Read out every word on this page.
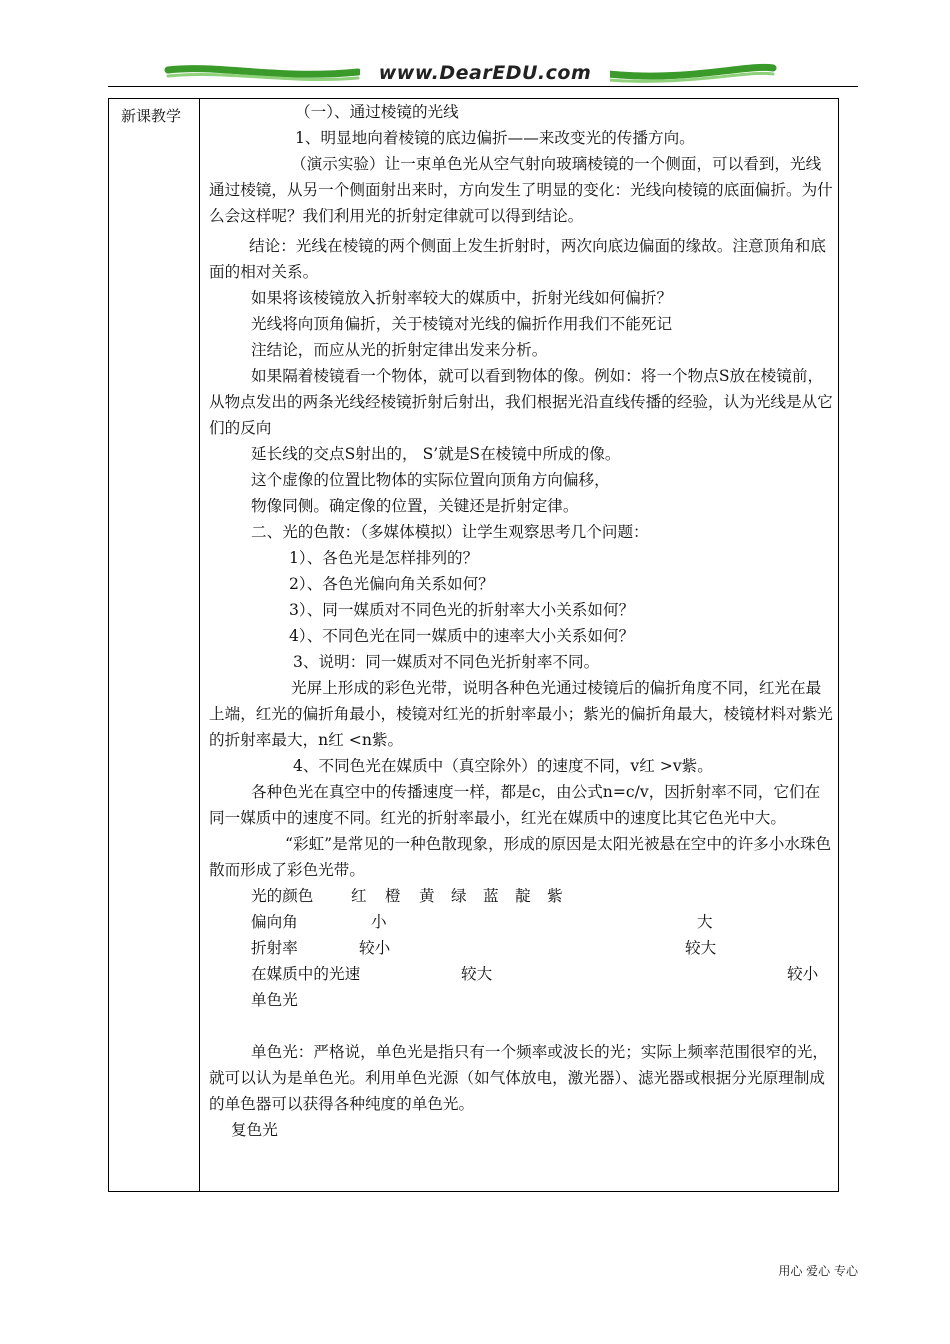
www.DearEDU.com
新课教学	（一）、通过棱镜的光线

1、明显地向着棱镜的底边偏折——来改变光的传播方向。

（演示实验）让一束单色光从空气射向玻璃棱镜的一个侧面，可以看到，光线通过棱镜，从另一个侧面射出来时，方向发生了明显的变化：光线向棱镜的底面偏折。为什么会这样呢？我们利用光的折射定律就可以得到结论。

结论：光线在棱镜的两个侧面上发生折射时，两次向底边偏面的缘故。注意顶角和底面的相对关系。

如果将该棱镜放入折射率较大的媒质中，折射光线如何偏折？

光线将向顶角偏折，关于棱镜对光线的偏折作用我们不能死记

注结论，而应从光的折射定律出发来分析。

如果隔着棱镜看一个物体，就可以看到物体的像。例如：将一个物点S放在棱镜前，从物点发出的两条光线经棱镜折射后射出，我们根据光沿直线传播的经验，认为光线是从它们的反向

延长线的交点S射出的， S’就是S在棱镜中所成的像。

这个虚像的位置比物体的实际位置向顶角方向偏移，

物像同侧。确定像的位置，关键还是折射定律。

二、光的色散：（多媒体模拟）让学生观察思考几个问题：

1）、各色光是怎样排列的？

2）、各色光偏向角关系如何？

3）、同一媒质对不同色光的折射率大小关系如何？

4）、不同色光在同一媒质中的速率大小关系如何？

3、说明：同一媒质对不同色光折射率不同。

光屏上形成的彩色光带，说明各种色光通过棱镜后的偏折角度不同，红光在最上端，红光的偏折角最小，棱镜对红光的折射率最小；紫光的偏折角最大，棱镜材料对紫光的折射率最大，n红 <n紫。

4、不同色光在媒质中（真空除外）的速度不同，v红 >v紫。

各种色光在真空中的传播速度一样，都是c，由公式n=c/v，因折射率不同，它们在同一媒质中的速度不同。红光的折射率最小，红光在媒质中的速度比其它色光中大。

“彩虹”是常见的一种色散现象，形成的原因是太阳光被悬在空中的许多小水珠色散而形成了彩色光带。

光的颜色 红 橙 黄 绿 蓝 靛 紫
偏向角	小	大
折射率	较小	较大
在媒质中的光速	较大	较小

单色光

单色光：严格说，单色光是指只有一个频率或波长的光；实际上频率范围很窄的光，就可以认为是单色光。利用单色光源（如气体放电，激光器）、滤光器或根据分光原理制成的单色器可以获得各种纯度的单色光。

复色光

用心 爱心 专心
